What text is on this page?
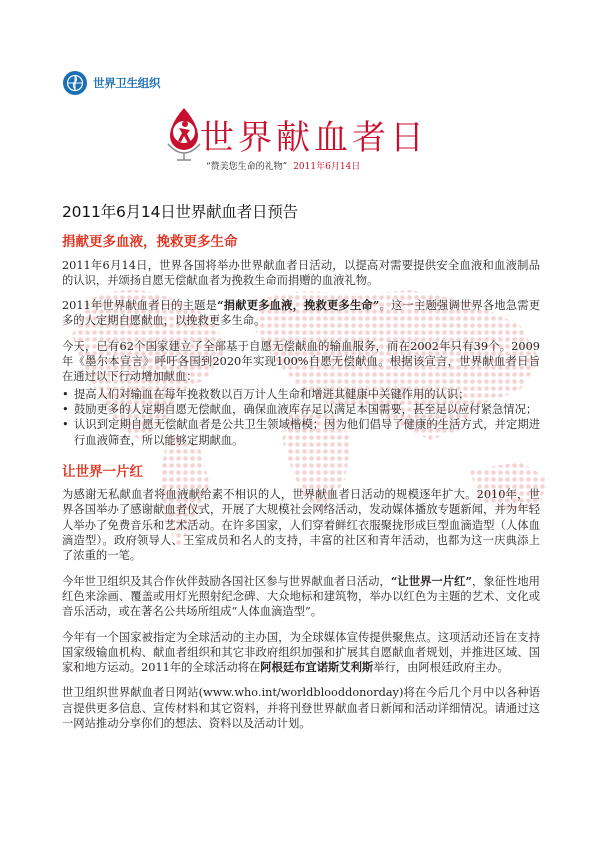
世界卫生组织
世界献血者日
“赞美您生命的礼物” 2011年6月14日
2011年6月14日世界献血者日预告
捐献更多血液，挽救更多生命

2011年6月14日，世界各国将举办世界献血者日活动，以提高对需要提供安全血液和血液制品的认识，并颂扬自愿无偿献血者为挽救生命而捐赠的血液礼物。

2011年世界献血者日的主题是“捐献更多血液，挽救更多生命”。这一主题强调世界各地急需更多的人定期自愿献血，以挽救更多生命。

今天，已有62个国家建立了全部基于自愿无偿献血的输血服务，而在2002年只有39个。2009年《墨尔本宣言》呼吁各国到2020年实现100%自愿无偿献血。根据该宣言，世界献血者日旨在通过以下行动增加献血：

• 提高人们对输血在每年挽救数以百万计人生命和增进其健康中关键作用的认识；
• 鼓励更多的人定期自愿无偿献血，确保血液库存足以满足本国需要，甚至足以应付紧急情况；
• 认识到定期自愿无偿献血者是公共卫生领域楷模；因为他们倡导了健康的生活方式，并定期进行血液筛查，所以能够定期献血。
让世界一片红

为感谢无私献血者将血液献给素不相识的人，世界献血者日活动的规模逐年扩大。2010年，世界各国举办了感谢献血者仪式，开展了大规模社会网络活动，发动媒体播放专题新闻，并为年轻人举办了免费音乐和艺术活动。在许多国家，人们穿着鲜红衣服聚拢形成巨型血滴造型（人体血滴造型）。政府领导人、王室成员和名人的支持，丰富的社区和青年活动，也都为这一庆典添上了浓重的一笔。

今年世卫组织及其合作伙伴鼓励各国社区参与世界献血者日活动，“让世界一片红”，象征性地用红色来涂画、覆盖或用灯光照射纪念碑、大众地标和建筑物，举办以红色为主题的艺术、文化或音乐活动，或在著名公共场所组成“人体血滴造型”。

今年有一个国家被指定为全球活动的主办国，为全球媒体宣传提供聚焦点。这项活动还旨在支持国家级输血机构、献血者组织和其它非政府组织加强和扩展其自愿献血者规划，并推进区域、国家和地方运动。2011年的全球活动将在阿根廷布宜诺斯艾利斯举行，由阿根廷政府主办。

世卫组织世界献血者日网站(www.who.int/worldblooddonorday)将在今后几个月中以各种语言提供更多信息、宣传材料和其它资料，并将刊登世界献血者日新闻和活动详细情况。请通过这一网站推动分享你们的想法、资料以及活动计划。
